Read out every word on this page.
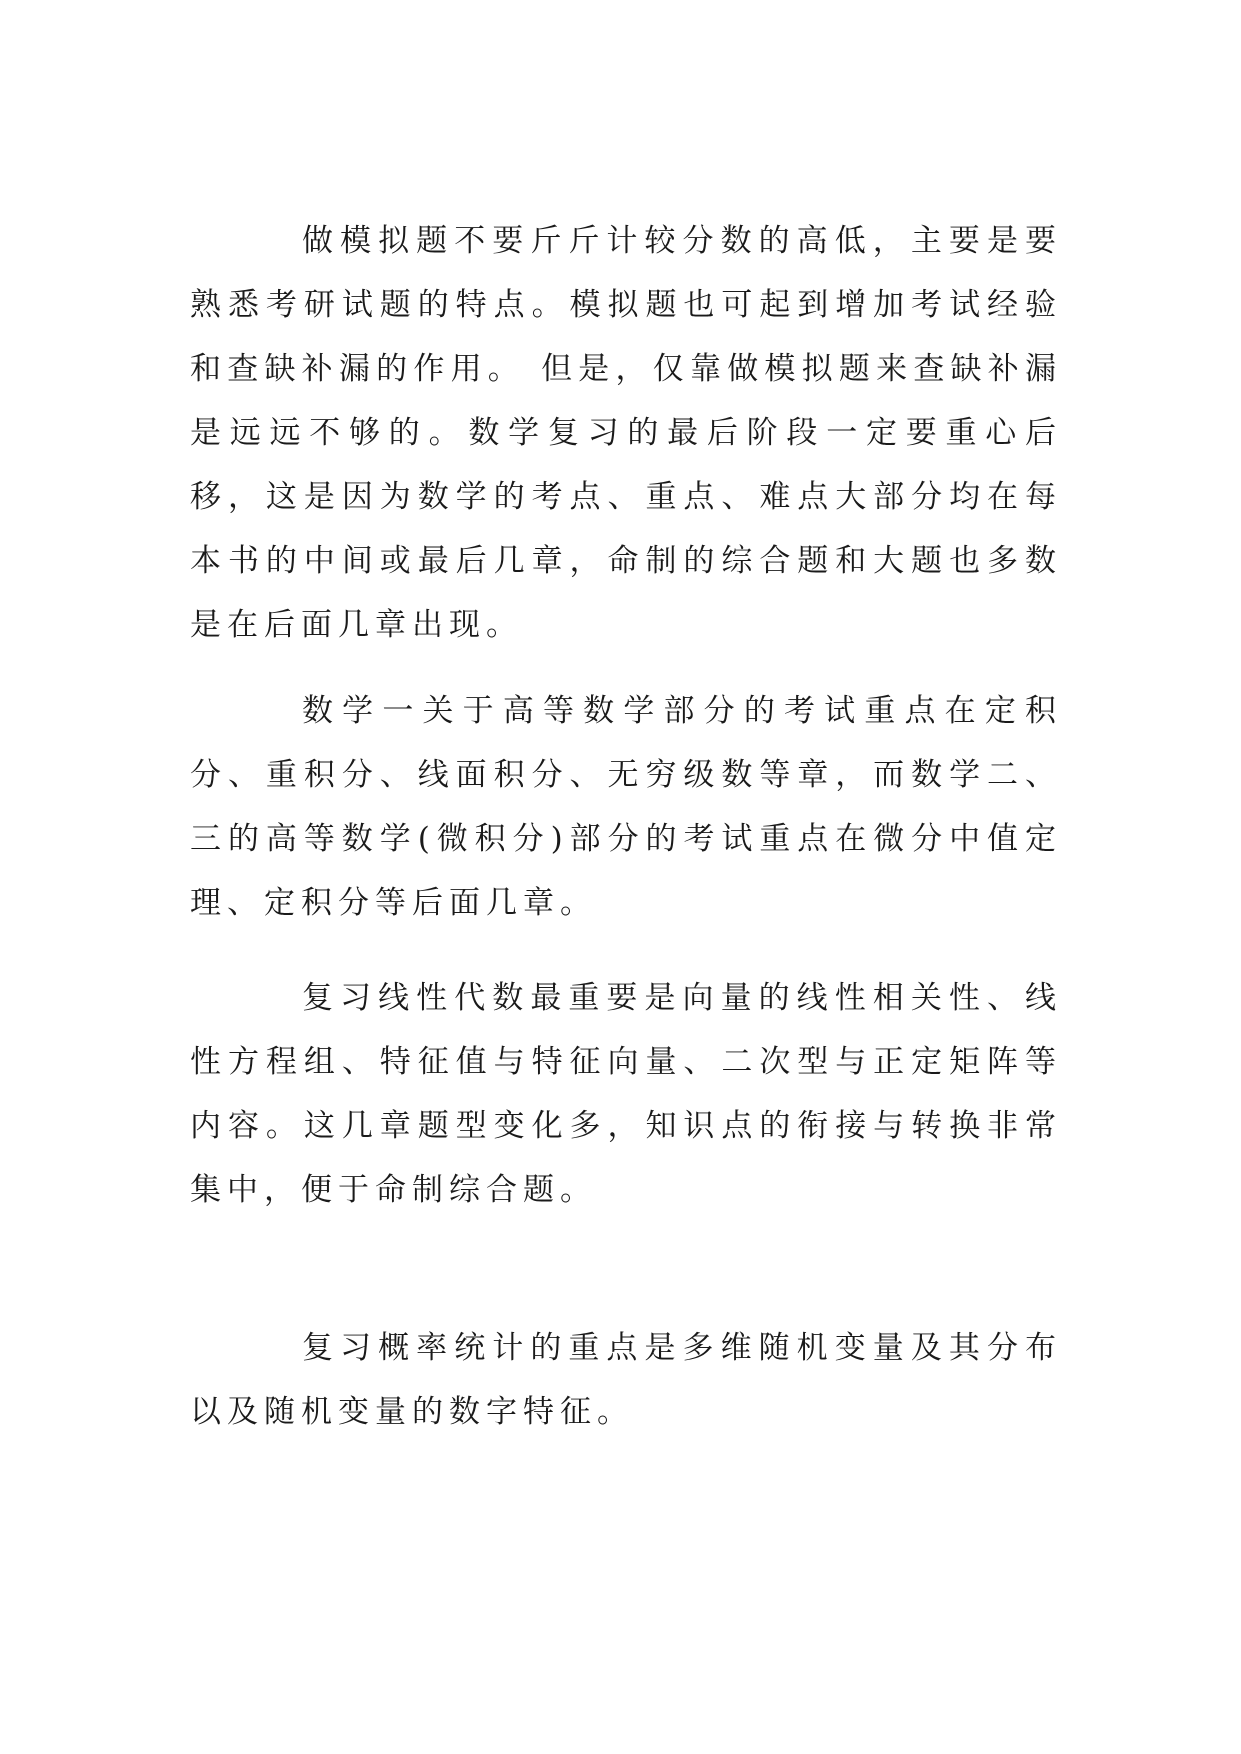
做模拟题不要斤斤计较分数的高低，主要是要熟悉考研试题的特点。模拟题也可起到增加考试经验和查缺补漏的作用。 但是，仅靠做模拟题来查缺补漏是远远不够的。数学复习的最后阶段一定要重心后移，这是因为数学的考点、重点、难点大部分均在每本书的中间或最后几章，命制的综合题和大题也多数是在后面几章出现。

数学一关于高等数学部分的考试重点在定积分、重积分、线面积分、无穷级数等章，而数学二、三的高等数学(微积分)部分的考试重点在微分中值定理、定积分等后面几章。

复习线性代数最重要是向量的线性相关性、线性方程组、特征值与特征向量、二次型与正定矩阵等内容。这几章题型变化多，知识点的衔接与转换非常集中，便于命制综合题。

复习概率统计的重点是多维随机变量及其分布以及随机变量的数字特征。
